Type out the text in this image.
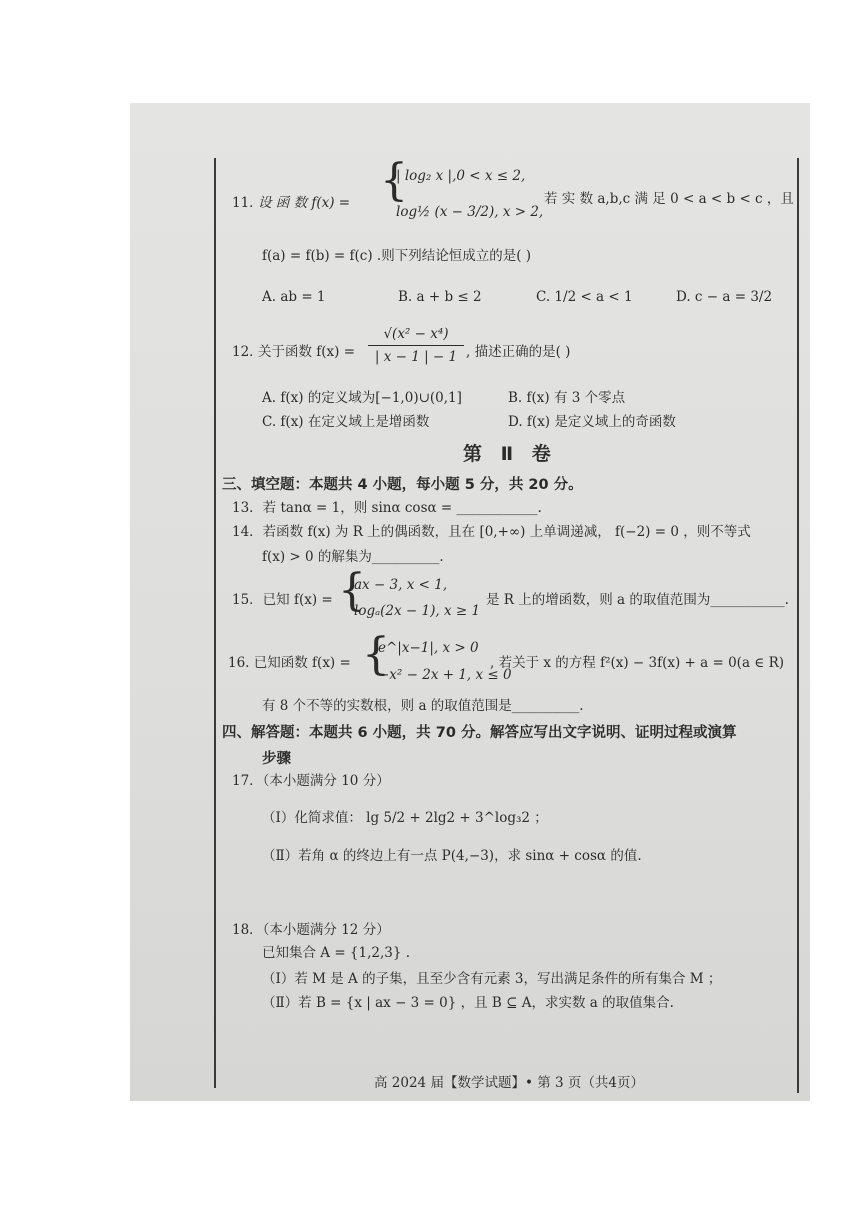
11．
设 函 数 f(x) = {
| log₂ x |,0 < x ≤ 2,
log½ (x − 3/2), x > 2,
若 实 数 a,b,c 满 足 0 < a < b < c ，且
f(a) = f(b) = f(c) .则下列结论恒成立的是( )
A. ab = 1	B. a + b ≤ 2	C. 1/2 < a < 1	D. c − a = 3/2
12．
关于函数 $f(x) = \frac{\text{√(x² − x⁴)}}{| x - 1 | - 1}$ , 描述正确的是( )
A. f(x) 的定义域为[−1,0)∪(0,1]	B. f(x) 有 3 个零点
C. f(x) 在定义域上是增函数	D. f(x) 是定义域上的奇函数
第 Ⅱ 卷
三、填空题：本题共 4 小题，每小题 5 分，共 20 分。
13．若 tanα = 1，则 sinα cosα = ____________.
14．若函数 f(x) 为 R 上的偶函数，且在 [0,+∞) 上单调递减， f(−2) = 0 ，则不等式
f(x) > 0 的解集为__________.
15．已知 f(x) = {
ax − 3, x < 1,
logₐ(2x − 1), x ≥ 1
是 R 上的增函数，则 a 的取值范围为___________.
16. 已知函数 f(x) = {
e^|x−1|, x > 0
−x² − 2x + 1, x ≤ 0
, 若关于 x 的方程 f²(x) − 3f(x) + a = 0(a ∈ R)
有 8 个不等的实数根，则 a 的取值范围是__________.
四、解答题：本题共 6 小题，共 70 分。解答应写出文字说明、证明过程或演算
步骤
17．（本小题满分 10 分）
（Ⅰ）化简求值： lg 5/2 + 2lg2 + 3^log₃2 ；
（Ⅱ）若角 α 的终边上有一点 P(4,−3)，求 sinα + cosα 的值.
18．（本小题满分 12 分）
已知集合 A = {1,2,3} .
（Ⅰ）若 M 是 A 的子集，且至少含有元素 3，写出满足条件的所有集合 M ；
（Ⅱ）若 B = {x | ax − 3 = 0} ，且 B ⊆ A，求实数 a 的取值集合.
高 2024 届【数学试题】• 第 3 页（共4页）
